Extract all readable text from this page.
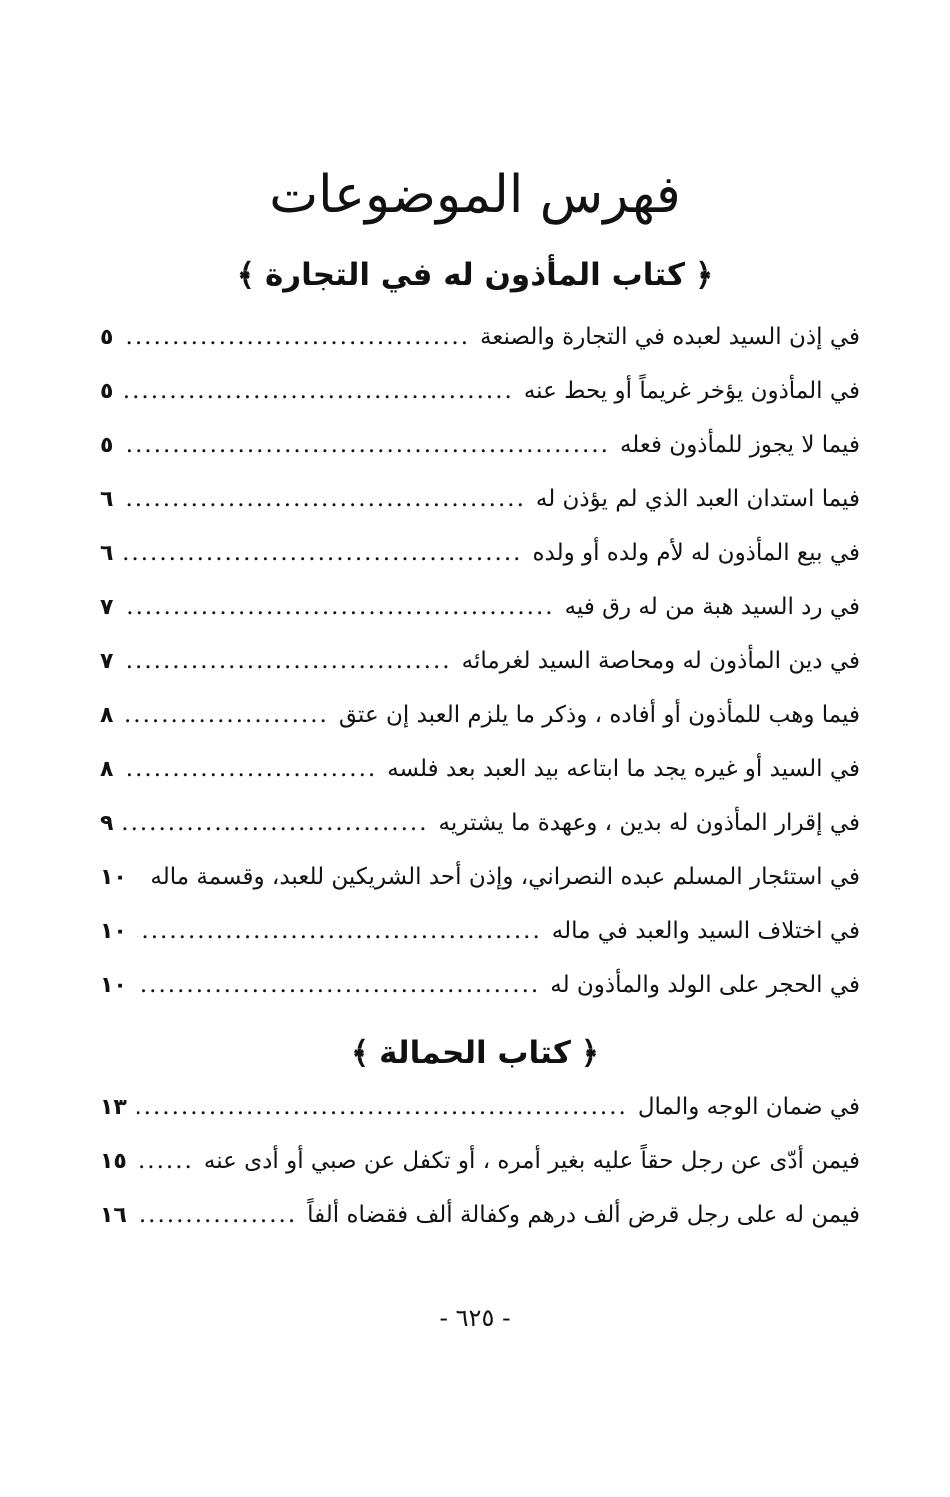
فهرس الموضوعات
﴿كتاب المأذون له في التجارة﴾
في إذن السيد لعبده في التجارة والصنعة
.....
٥
في المأذون يؤخر غريماً أو يحط عنه
.....
٥
فيما لا يجوز للمأذون فعله
.....
٥
فيما استدان العبد الذي لم يؤذن له
.....
٦
في بيع المأذون له لأم ولده أو ولده
.....
٦
في رد السيد هبة من له رق فيه
.....
٧
في دين المأذون له ومحاصة السيد لغرمائه
.....
٧
فيما وهب للمأذون أو أفاده ، وذكر ما يلزم العبد إن عتق
.....
٨
في السيد أو غيره يجد ما ابتاعه بيد العبد بعد فلسه
.....
٨
في إقرار المأذون له بدين ، وعهدة ما يشتريه
.....
٩
في استئجار المسلم عبده النصراني، وإذن أحد الشريكين للعبد، وقسمة ماله
.....
١٠
في اختلاف السيد والعبد في ماله
.....
١٠
في الحجر على الولد والمأذون له
.....
١٠
﴿كتاب الحمالة﴾
في ضمان الوجه والمال
.....
١٣
فيمن أدّى عن رجل حقاً عليه بغير أمره ، أو تكفل عن صبي أو أدى عنه
.....
١٥
فيمن له على رجل قرض ألف درهم وكفالة ألف فقضاه ألفاً
.....
١٦
- ٦٢٥ -
